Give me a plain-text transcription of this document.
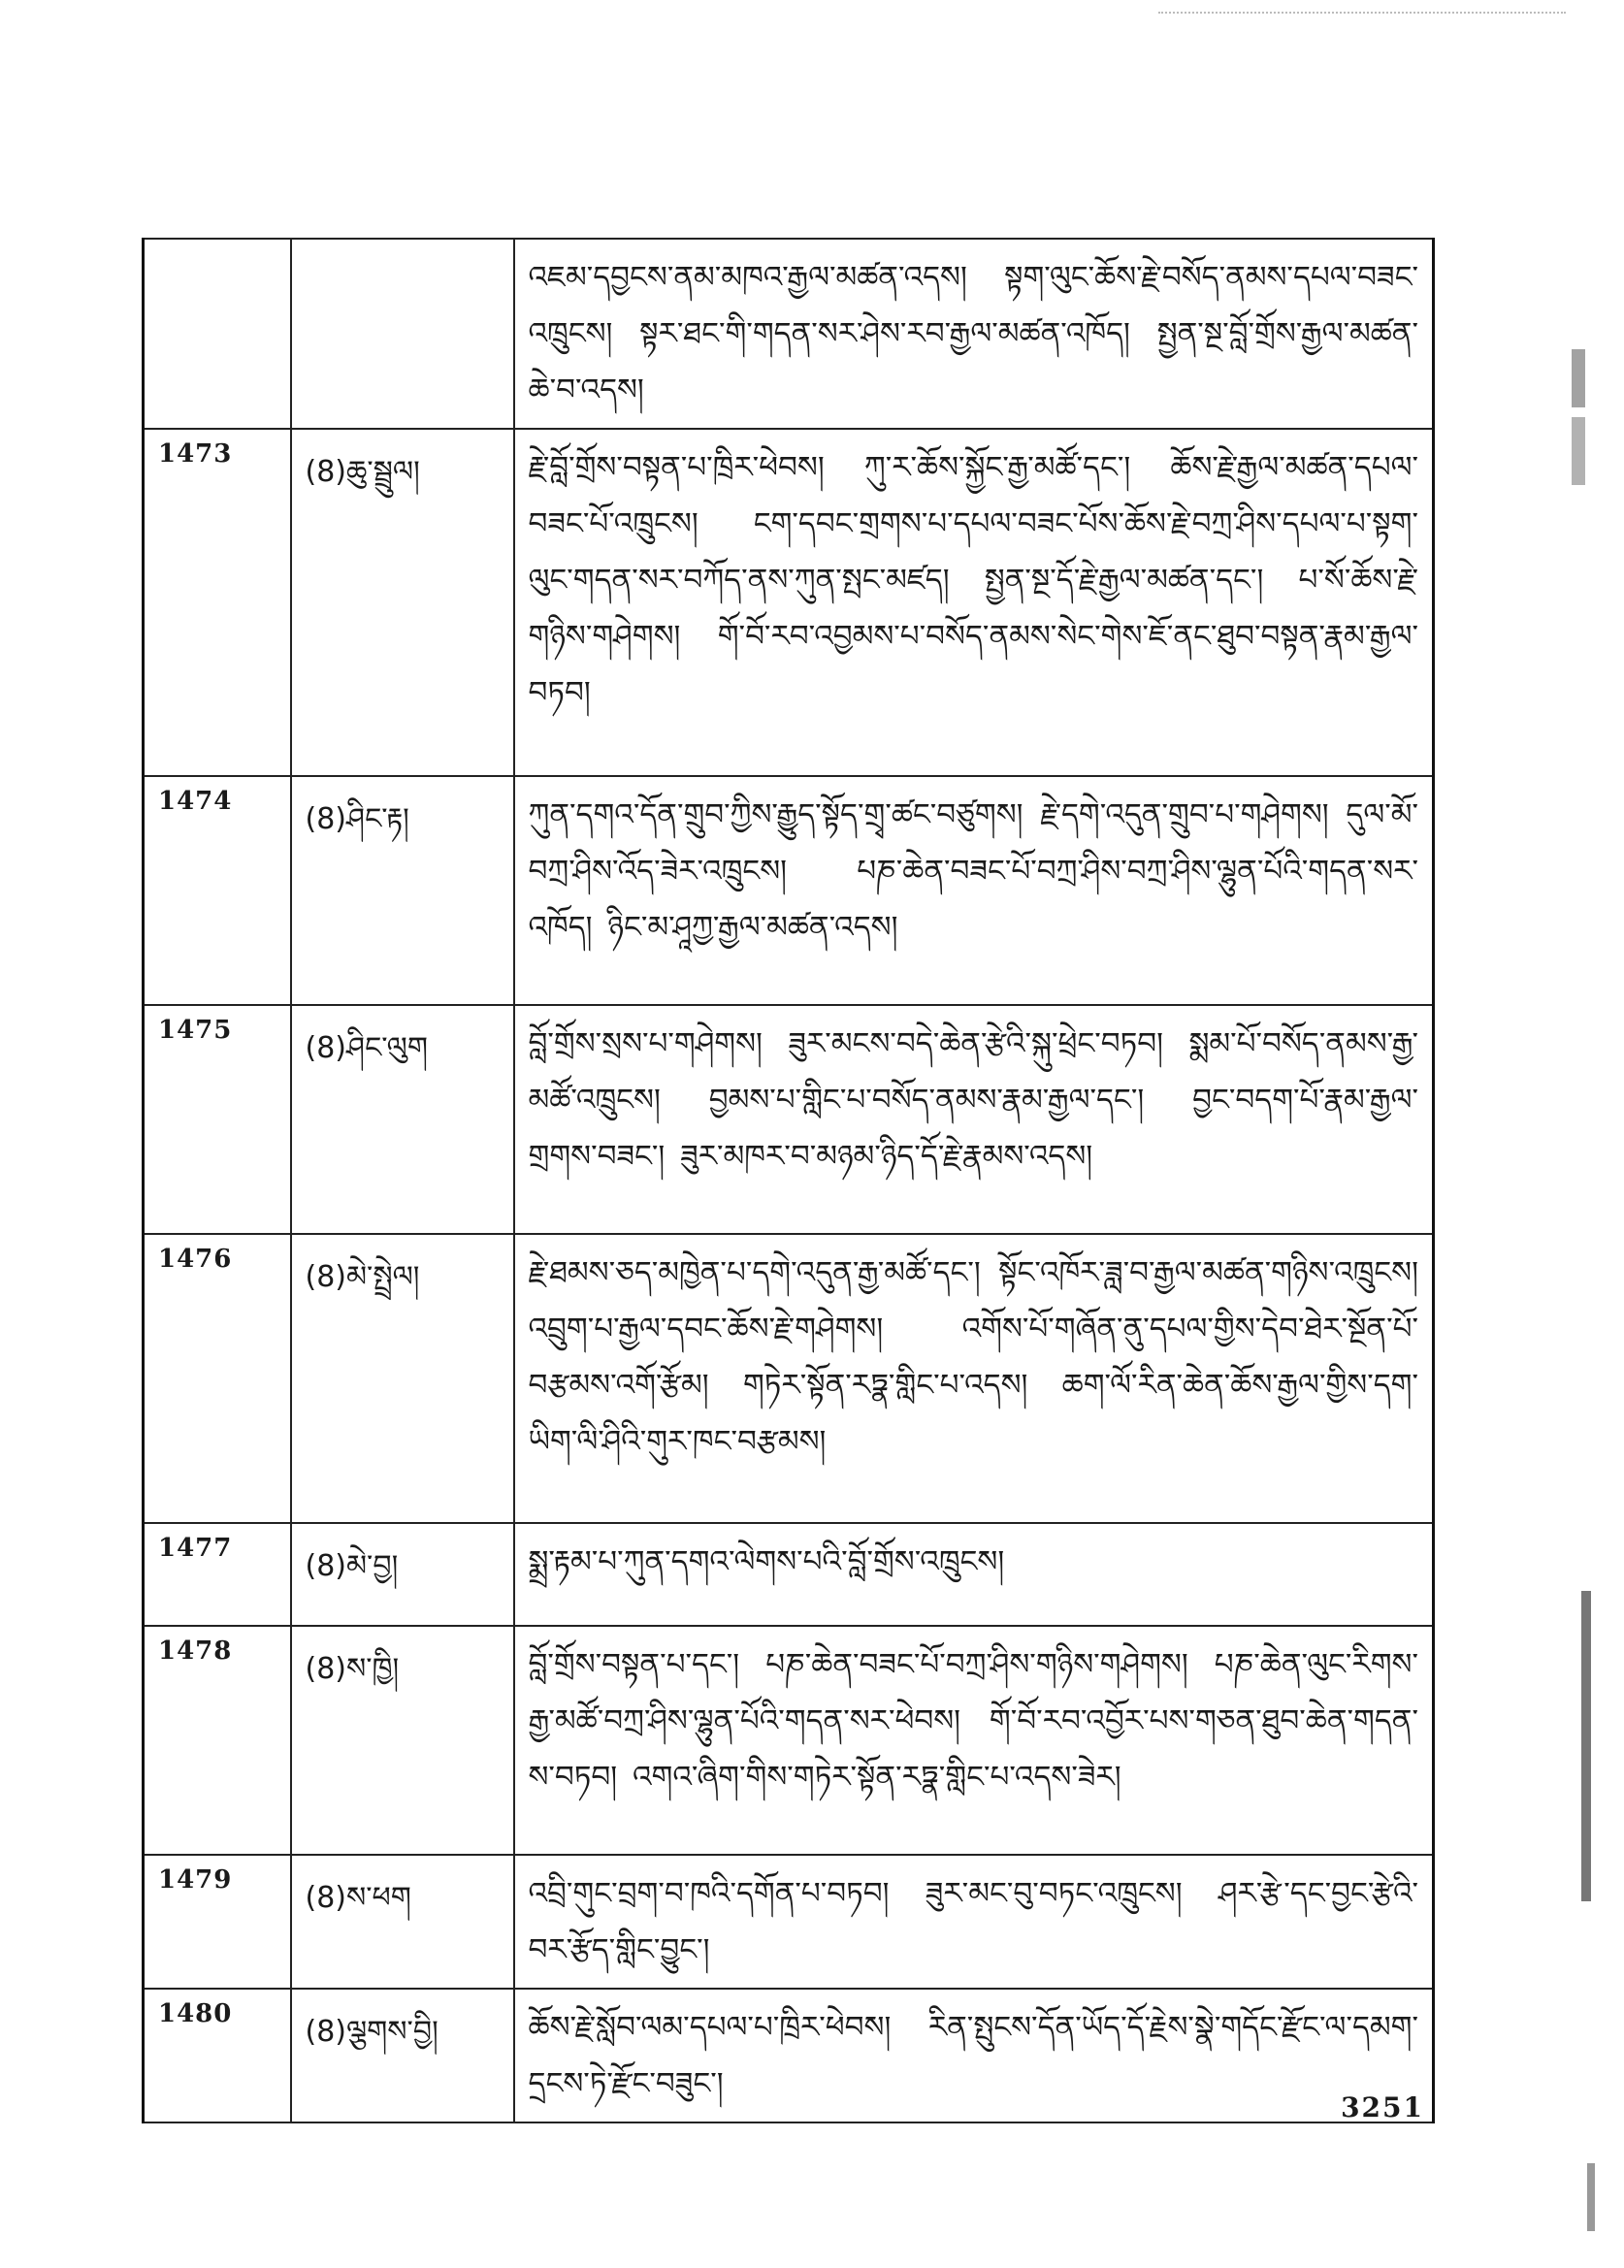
		འཇམ་དབྱངས་ནམ་མཁའ་རྒྱལ་མཚན་འདས། སྟག་ལུང་ཆོས་རྗེ་བསོད་ནམས་དཔལ་བཟང་འཁྲུངས། སྟར་ཐང་གི་གདན་སར་ཤེས་རབ་རྒྱལ་མཚན་འཁོད། སྤྱན་སྔ་བློ་གྲོས་རྒྱལ་མཚན་ཆེ་བ་འདས།
1473	(8)ཆུ་སྦྲུལ།	རྗེ་བློ་གྲོས་བསྟན་པ་ཁྲིར་ཕེབས། ཀུ་ར་ཆོས་སྐྱོང་རྒྱ་མཚོ་དང་། ཆོས་རྗེ་རྒྱལ་མཚན་དཔལ་བཟང་པོ་འཁྲུངས། ངག་དབང་གྲགས་པ་དཔལ་བཟང་པོས་ཆོས་རྗེ་བཀྲ་ཤིས་དཔལ་པ་སྟག་ལུང་གདན་སར་བཀོད་ནས་ཀུན་སྤང་མཛད། སྤྱན་སྔ་དོ་རྗེ་རྒྱལ་མཚན་དང་། པ་སོ་ཆོས་རྗེ་གཉིས་གཤེགས། གོ་བོ་རབ་འབྱམས་པ་བསོད་ནམས་སེང་གེས་ཇོ་ནང་ཐུབ་བསྟན་རྣམ་རྒྱལ་བཏབ།
1474	(8)ཤིང་རྟ།	ཀུན་དགའ་དོན་གྲུབ་ཀྱིས་རྒྱུད་སྟོད་གྲྭ་ཚང་བཙུགས། རྗེ་དགེ་འདུན་གྲུབ་པ་གཤེགས། དུལ་མོ་བཀྲ་ཤིས་འོད་ཟེར་འཁྲུངས། པཎ་ཆེན་བཟང་པོ་བཀྲ་ཤིས་བཀྲ་ཤིས་ལྷུན་པོའི་གདན་སར་འཁོད། ཉིང་མ་ཤཱཀྱ་རྒྱལ་མཚན་འདས།
1475	(8)ཤིང་ལུག	བློ་གྲོས་སྲས་པ་གཤེགས། ཟུར་མངས་བདེ་ཆེན་རྩེའི་སྐུ་ཕྲེང་བཏབ། སྨམ་པོ་བསོད་ནམས་རྒྱ་མཚོ་འཁྲུངས། བྱམས་པ་གླིང་པ་བསོད་ནམས་རྣམ་རྒྱལ་དང་། བྱང་བདག་པོ་རྣམ་རྒྱལ་གྲགས་བཟང་། ཟུར་མཁར་བ་མཉམ་ཉིད་དོ་རྗེ་རྣམས་འདས།
1476	(8)མེ་སྤྲེལ།	རྗེ་ཐམས་ཅད་མཁྱེན་པ་དགེ་འདུན་རྒྱ་མཚོ་དང་། སྟོང་འཁོར་ཟླ་བ་རྒྱལ་མཚན་གཉིས་འཁྲུངས། འབྲུག་པ་རྒྱལ་དབང་ཆོས་རྗེ་གཤེགས། འགོས་པོ་གཞོན་ནུ་དཔལ་གྱིས་དེབ་ཐེར་སྔོན་པོ་བརྩམས་འགོ་རྩོམ། གཏེར་སྟོན་རཏྣ་གླིང་པ་འདས། ཆག་ལོ་རིན་ཆེན་ཆོས་རྒྱལ་གྱིས་དག་ཡིག་ལི་ཤིའི་གུར་ཁང་བརྩམས།
1477	(8)མེ་བྱ།	སྨྲ་རྟམ་པ་ཀུན་དགའ་ལེགས་པའི་བློ་གྲོས་འཁྲུངས།
1478	(8)ས་ཁྱི།	བློ་གྲོས་བསྟན་པ་དང་། པཎ་ཆེན་བཟང་པོ་བཀྲ་ཤིས་གཉིས་གཤེགས། པཎ་ཆེན་ལུང་རིགས་རྒྱ་མཚོ་བཀྲ་ཤིས་ལྷུན་པོའི་གདན་སར་ཕེབས། གོ་བོ་རབ་འབྱོར་པས་གཅན་ཐུབ་ཆེན་གདན་ས་བཏབ། འགའ་ཞིག་གིས་གཏེར་སྟོན་རཏྣ་གླིང་པ་འདས་ཟེར།
1479	(8)ས་ཕག	འབྲི་གུང་བྲག་བ་ཁའི་དགོན་པ་བཏབ། ཟུར་མང་བུ་བཏང་འཁྲུངས། ཤར་རྩེ་དང་བྱང་རྩེའི་བར་རྩོད་གླིང་བྱུང་།
1480	(8)ལྕགས་བྱི།	ཆོས་རྗེ་སློབ་ལམ་དཔལ་པ་ཁྲིར་ཕེབས། རིན་སྤུངས་དོན་ཡོད་དོ་རྗེས་སྣེ་གདོང་རྫོང་ལ་དམག་དྲངས་ཏེ་རྫོང་བཟུང་།
3251
